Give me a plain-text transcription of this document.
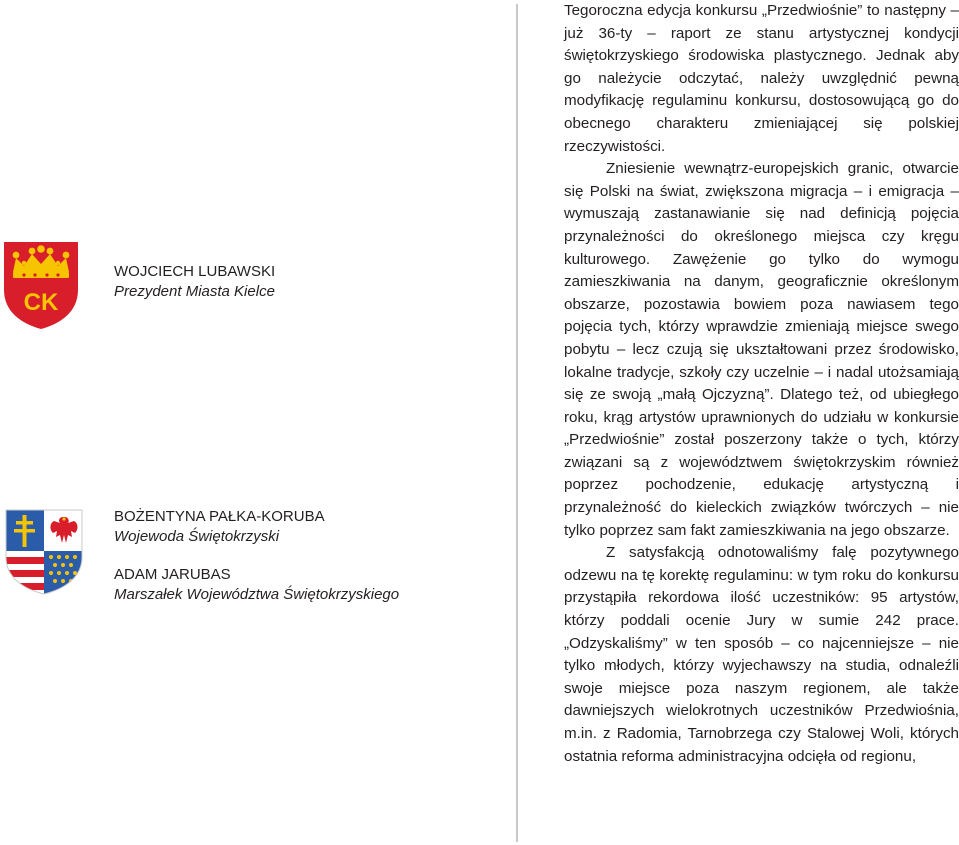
CK
WOJCIECH LUBAWSKI
Prezydent Miasta Kielce
BOŻENTYNA PAŁKA-KORUBA
Wojewoda Świętokrzyski
ADAM JARUBAS
Marszałek Województwa Świętokrzyskiego

Tegoroczna edycja konkursu „Przedwiośnie” to następny – już 36-ty – raport ze stanu artystycznej kondycji świętokrzyskiego środowiska plastycznego. Jednak aby go należycie odczytać, należy uwzględnić pewną modyfikację regulaminu konkursu, dostosowującą go do obecnego charakteru zmieniającej się polskiej rzeczywistości.

Zniesienie wewnątrz-europejskich granic, otwarcie się Polski na świat, zwiększona migracja – i emigracja – wymuszają zastanawianie się nad definicją pojęcia przynależności do określonego miejsca czy kręgu kulturowego. Zawężenie go tylko do wymogu zamieszkiwania na danym, geograficznie określonym obszarze, pozostawia bowiem poza nawiasem tego pojęcia tych, którzy wprawdzie zmieniają miejsce swego pobytu – lecz czują się ukształtowani przez środowisko, lokalne tradycje, szkoły czy uczelnie – i nadal utożsamiają się ze swoją „małą Ojczyzną”. Dlatego też, od ubiegłego roku, krąg artystów uprawnionych do udziału w konkursie „Przedwiośnie” został poszerzony także o tych, którzy związani są z województwem świętokrzyskim również poprzez pochodzenie, edukację artystyczną i przynależność do kieleckich związków twórczych – nie tylko poprzez sam fakt zamieszkiwania na jego obszarze.

Z satysfakcją odnotowaliśmy falę pozytywnego odzewu na tę korektę regulaminu: w tym roku do konkursu przystąpiła rekordowa ilość uczestników: 95 artystów, którzy poddali ocenie Jury w sumie 242 prace. „Odzyskaliśmy” w ten sposób – co najcenniejsze – nie tylko młodych, którzy wyjechawszy na studia, odnaleźli swoje miejsce poza naszym regionem, ale także dawniejszych wielokrotnych uczestników Przedwiośnia, m.in. z Radomia, Tarnobrzega czy Stalowej Woli, których ostatnia reforma administracyjna odcięła od regionu,
